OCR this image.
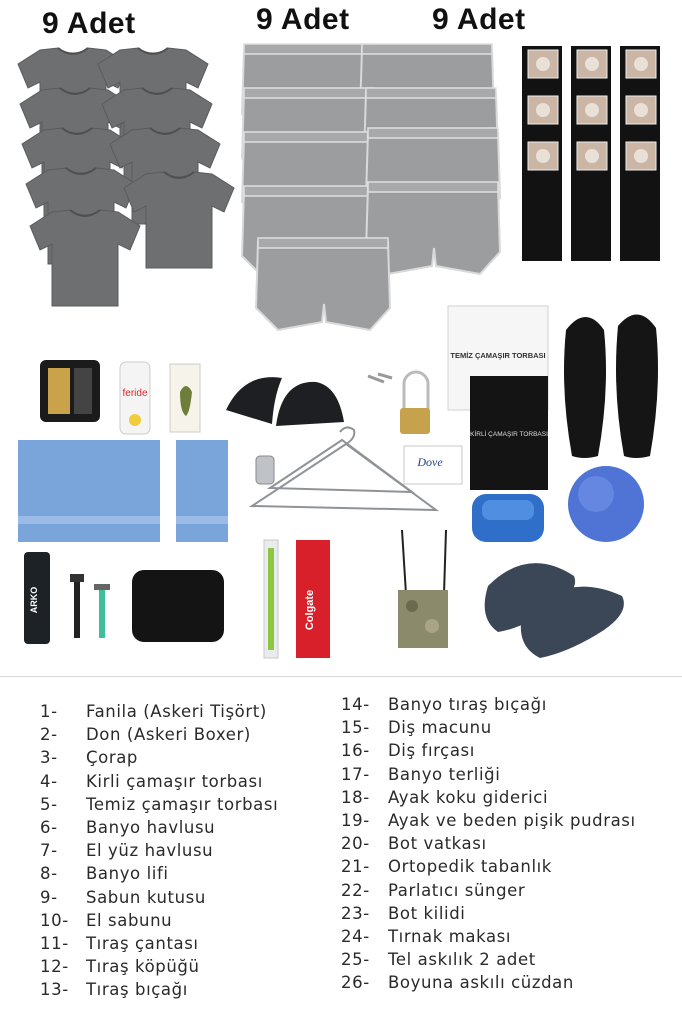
feride
TEMİZ ÇAMAŞIR TORBASI
KİRLİ ÇAMAŞIR TORBASI
Dove
ARKO	Colgate
9 Adet	9 Adet	9 Adet
1-	Fanila (Askeri Tişört)
2-	Don (Askeri Boxer)
3-	Çorap
4-	Kirli çamaşır torbası
5-	Temiz çamaşır torbası
6-	Banyo havlusu
7-	El yüz havlusu
8-	Banyo lifi
9-	Sabun kutusu
10-	El sabunu
11-	Tıraş çantası
12-	Tıraş köpüğü
13-	Tıraş bıçağı
14-	Banyo tıraş bıçağı
15-	Diş macunu
16-	Diş fırçası
17-	Banyo terliği
18-	Ayak koku giderici
19-	Ayak ve beden pişik pudrası
20-	Bot vatkası
21-	Ortopedik tabanlık
22-	Parlatıcı sünger
23-	Bot kilidi
24-	Tırnak makası
25-	Tel askılık 2 adet
26-	Boyuna askılı cüzdan
